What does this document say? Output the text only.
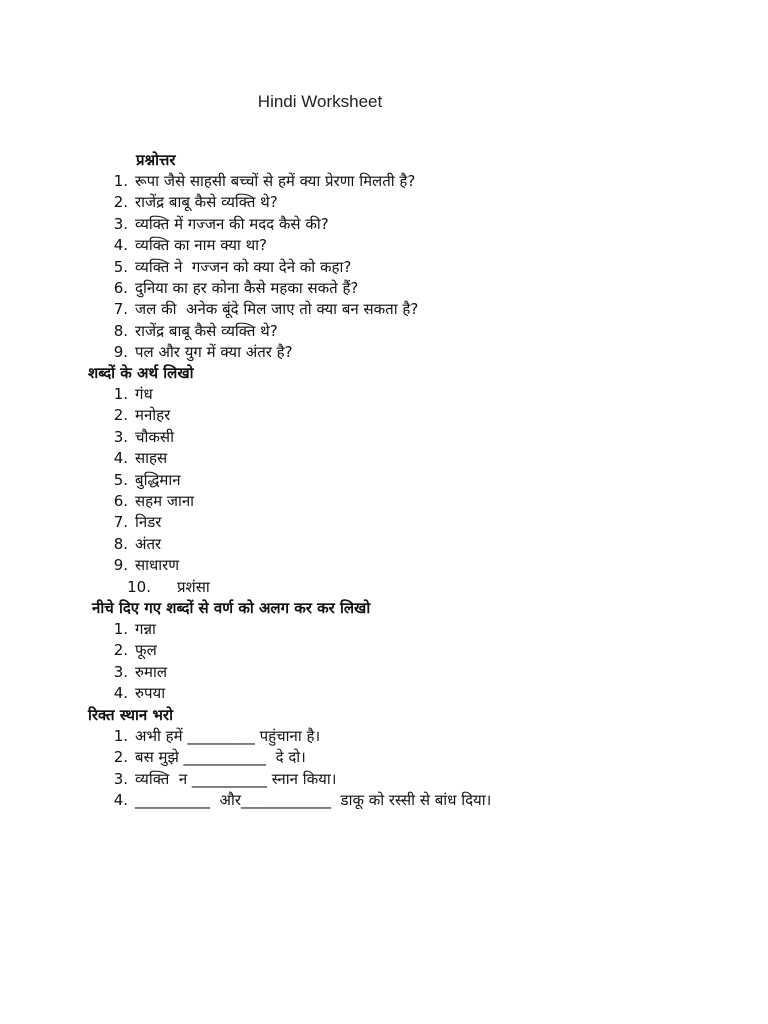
Hindi Worksheet
प्रश्नोत्तर
1. रूपा जैसे साहसी बच्चों से हमें क्या प्रेरणा मिलती है?
2. राजेंद्र बाबू कैसे व्यक्ति थे?
3. व्यक्ति में गज्जन की मदद कैसे की?
4. व्यक्ति का नाम क्या था?
5. व्यक्ति ने  गज्जन को क्या देने को कहा?
6. दुनिया का हर कोना कैसे महका सकते हैं?
7. जल की  अनेक बूंदे मिल जाए तो क्या बन सकता है?
8. राजेंद्र बाबू कैसे व्यक्ति थे?
9. पल और युग में क्या अंतर है?
शब्दों के अर्थ लिखो
1. गंध
2. मनोहर
3. चौकसी
4. साहस
5. बुद्धिमान
6. सहम जाना
7. निडर
8. अंतर
9. साधारण
10. प्रशंसा
नीचे दिए गए शब्दों से वर्ण को अलग कर कर लिखो
1. गन्ना
2. फूल
3. रुमाल
4. रुपया
रिक्त स्थान भरो
1. अभी हमें _________ पहुंचाना है।
2. बस मुझे ___________  दे दो।
3. व्यक्ति  न __________ स्नान किया।
4. __________  और____________  डाकू को रस्सी से बांध दिया।
